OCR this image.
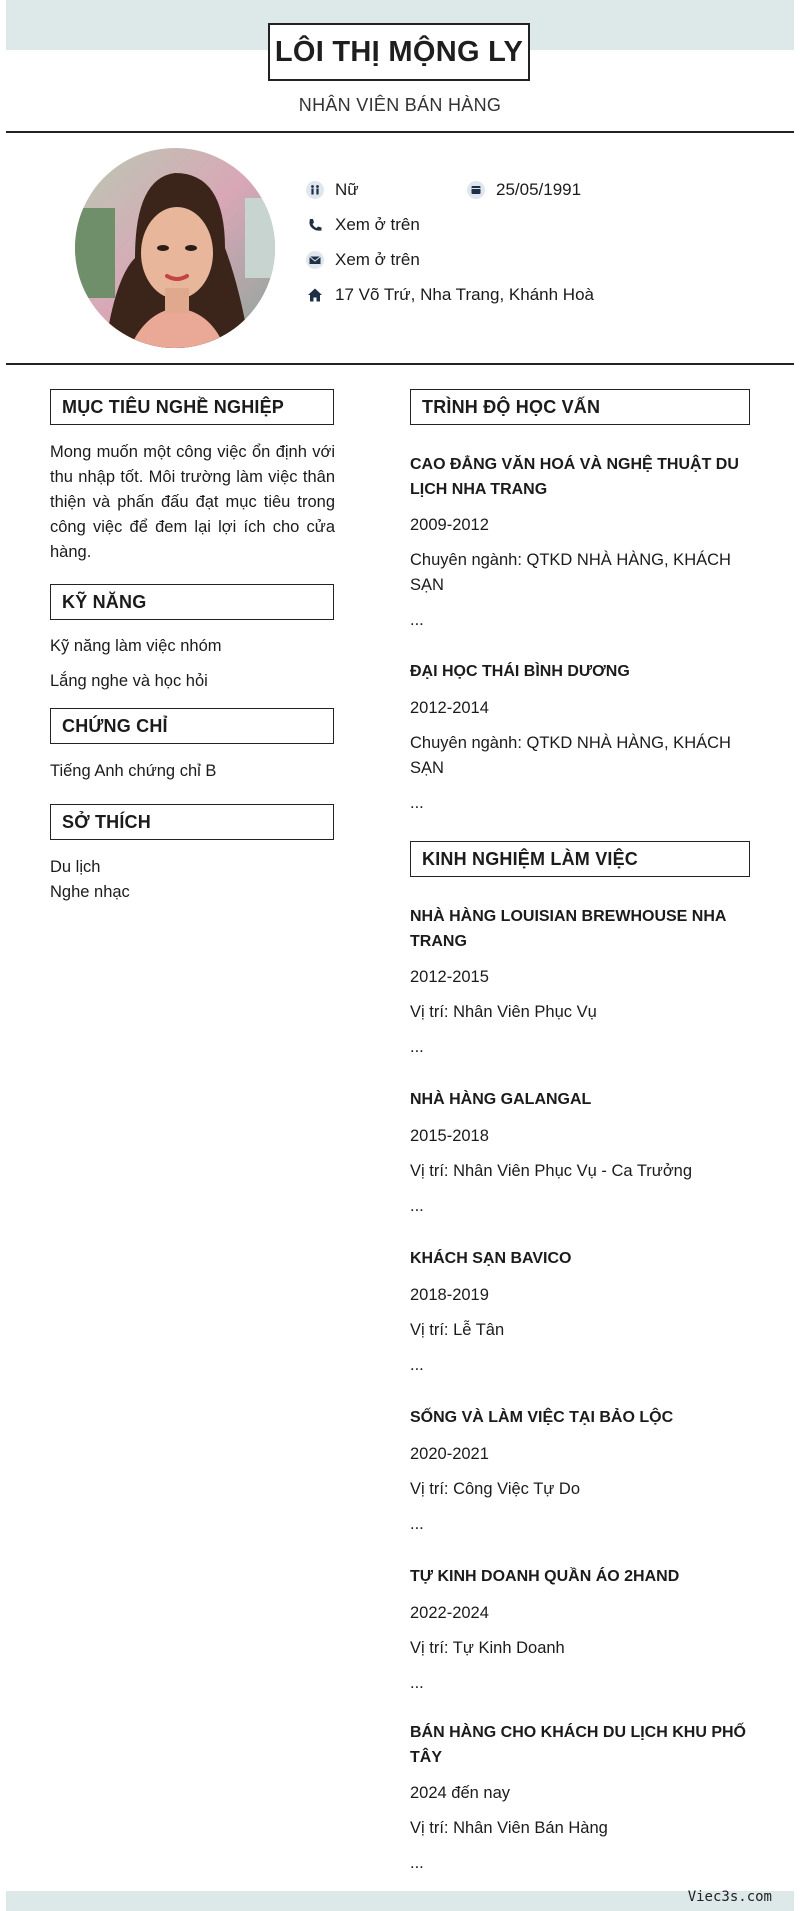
LÔI THỊ MỘNG LY
NHÂN VIÊN BÁN HÀNG
Nữ	25/05/1991
Xem ở trên
Xem ở trên
17 Võ Trứ, Nha Trang, Khánh Hoà
MỤC TIÊU NGHỀ NGHIỆP
Mong muốn một công việc ổn định với thu nhập tốt. Môi trường làm việc thân thiện và phấn đấu đạt mục tiêu trong công việc để đem lại lợi ích cho cửa hàng.
KỸ NĂNG
Kỹ năng làm việc nhóm
Lắng nghe và học hỏi
CHỨNG CHỈ
Tiếng Anh chứng chỉ B
SỞ THÍCH
Du lịch
Nghe nhạc
TRÌNH ĐỘ HỌC VẤN
CAO ĐẲNG VĂN HOÁ VÀ NGHỆ THUẬT DU LỊCH NHA TRANG
2009-2012
Chuyên ngành: QTKD NHÀ HÀNG, KHÁCH SẠN
...
ĐẠI HỌC THÁI BÌNH DƯƠNG
2012-2014
Chuyên ngành: QTKD NHÀ HÀNG, KHÁCH SẠN
...
KINH NGHIỆM LÀM VIỆC
NHÀ HÀNG LOUISIAN BREWHOUSE NHA TRANG
2012-2015
Vị trí: Nhân Viên Phục Vụ
...
NHÀ HÀNG GALANGAL
2015-2018
Vị trí: Nhân Viên Phục Vụ - Ca Trưởng
...
KHÁCH SẠN BAVICO
2018-2019
Vị trí: Lễ Tân
...
SỐNG VÀ LÀM VIỆC TẠI BẢO LỘC
2020-2021
Vị trí: Công Việc Tự Do
...
TỰ KINH DOANH QUẦN ÁO 2HAND
2022-2024
Vị trí: Tự Kinh Doanh
...
BÁN HÀNG CHO KHÁCH DU LỊCH KHU PHỐ TÂY
2024 đến nay
Vị trí: Nhân Viên Bán Hàng
...
Viec3s.com
